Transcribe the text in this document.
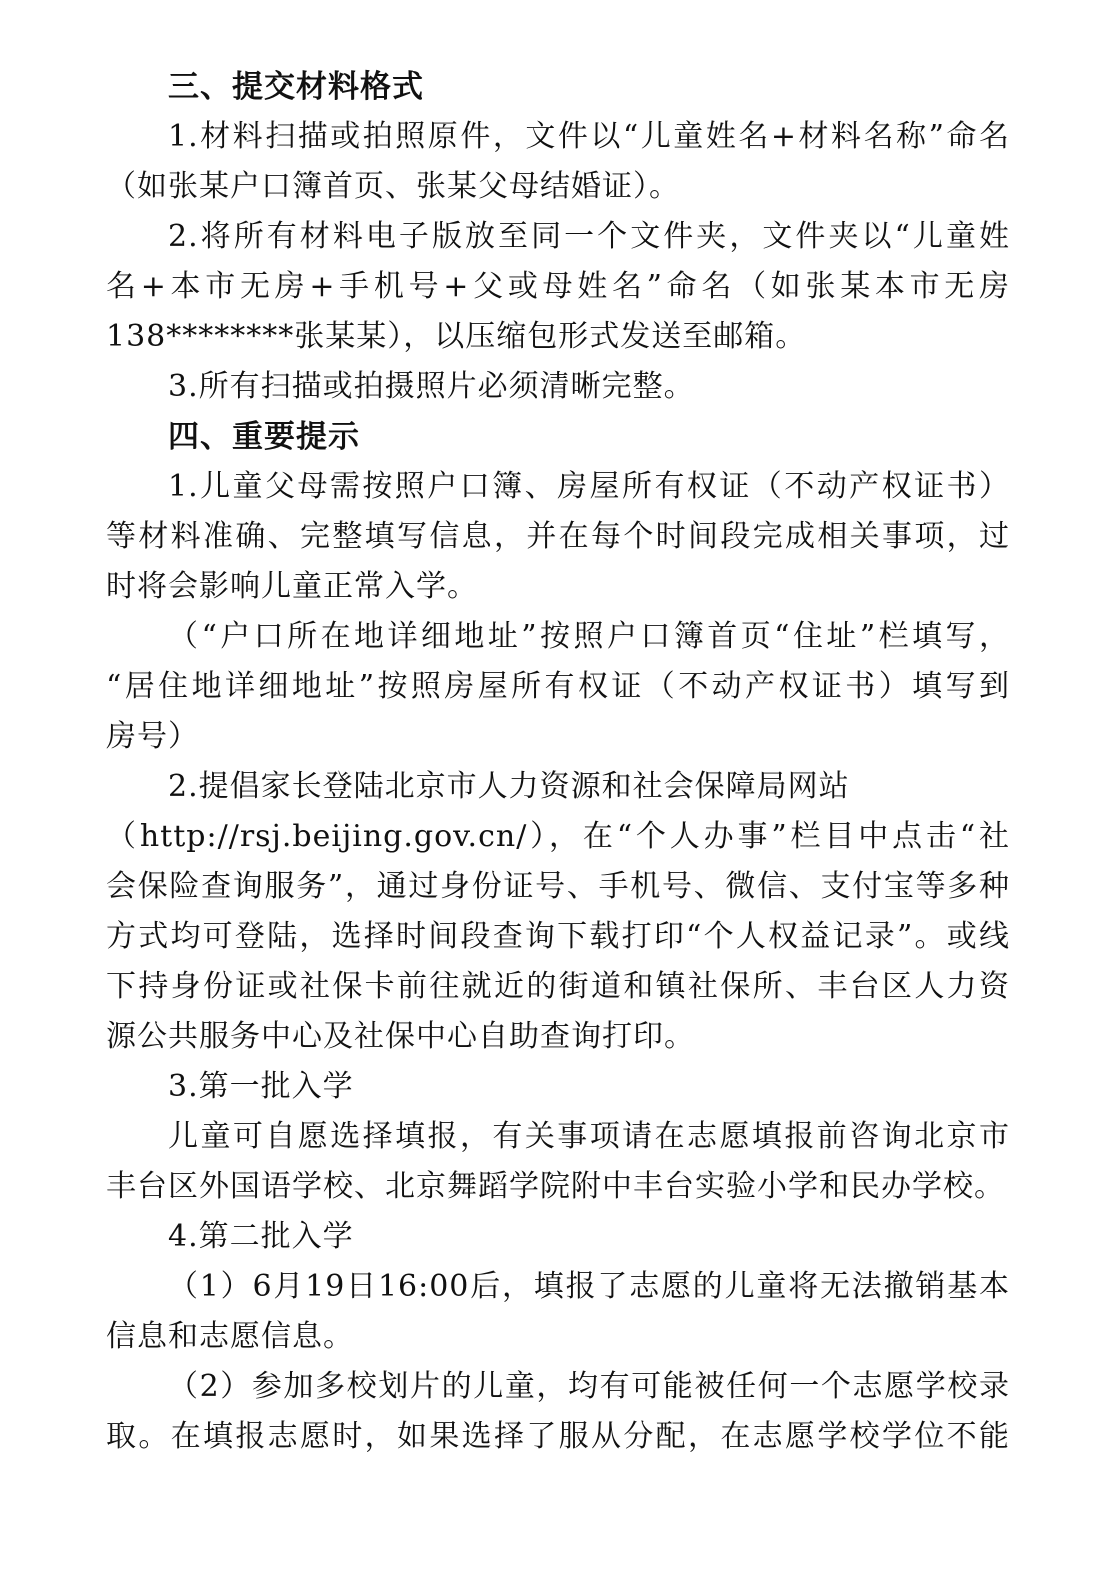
三、提交材料格式
1.材料扫描或拍照原件，文件以“儿童姓名+材料名称”命名
（如张某户口簿首页、张某父母结婚证）。
2.将所有材料电子版放至同一个文件夹，文件夹以“儿童姓
名+本市无房+手机号+父或母姓名”命名（如张某本市无房
138********张某某），以压缩包形式发送至邮箱。
3.所有扫描或拍摄照片必须清晰完整。
四、重要提示
1.儿童父母需按照户口簿、房屋所有权证（不动产权证书）
等材料准确、完整填写信息，并在每个时间段完成相关事项，过
时将会影响儿童正常入学。
（“户口所在地详细地址”按照户口簿首页“住址”栏填写，
“居住地详细地址”按照房屋所有权证（不动产权证书）填写到
房号）
2.提倡家长登陆北京市人力资源和社会保障局网站
（http://rsj.beijing.gov.cn/），在“个人办事”栏目中点击“社
会保险查询服务”，通过身份证号、手机号、微信、支付宝等多种
方式均可登陆，选择时间段查询下载打印“个人权益记录”。或线
下持身份证或社保卡前往就近的街道和镇社保所、丰台区人力资
源公共服务中心及社保中心自助查询打印。
3.第一批入学
儿童可自愿选择填报，有关事项请在志愿填报前咨询北京市
丰台区外国语学校、北京舞蹈学院附中丰台实验小学和民办学校。
4.第二批入学
（1）6月19日16:00后，填报了志愿的儿童将无法撤销基本
信息和志愿信息。
（2）参加多校划片的儿童，均有可能被任何一个志愿学校录
取。在填报志愿时，如果选择了服从分配，在志愿学校学位不能
